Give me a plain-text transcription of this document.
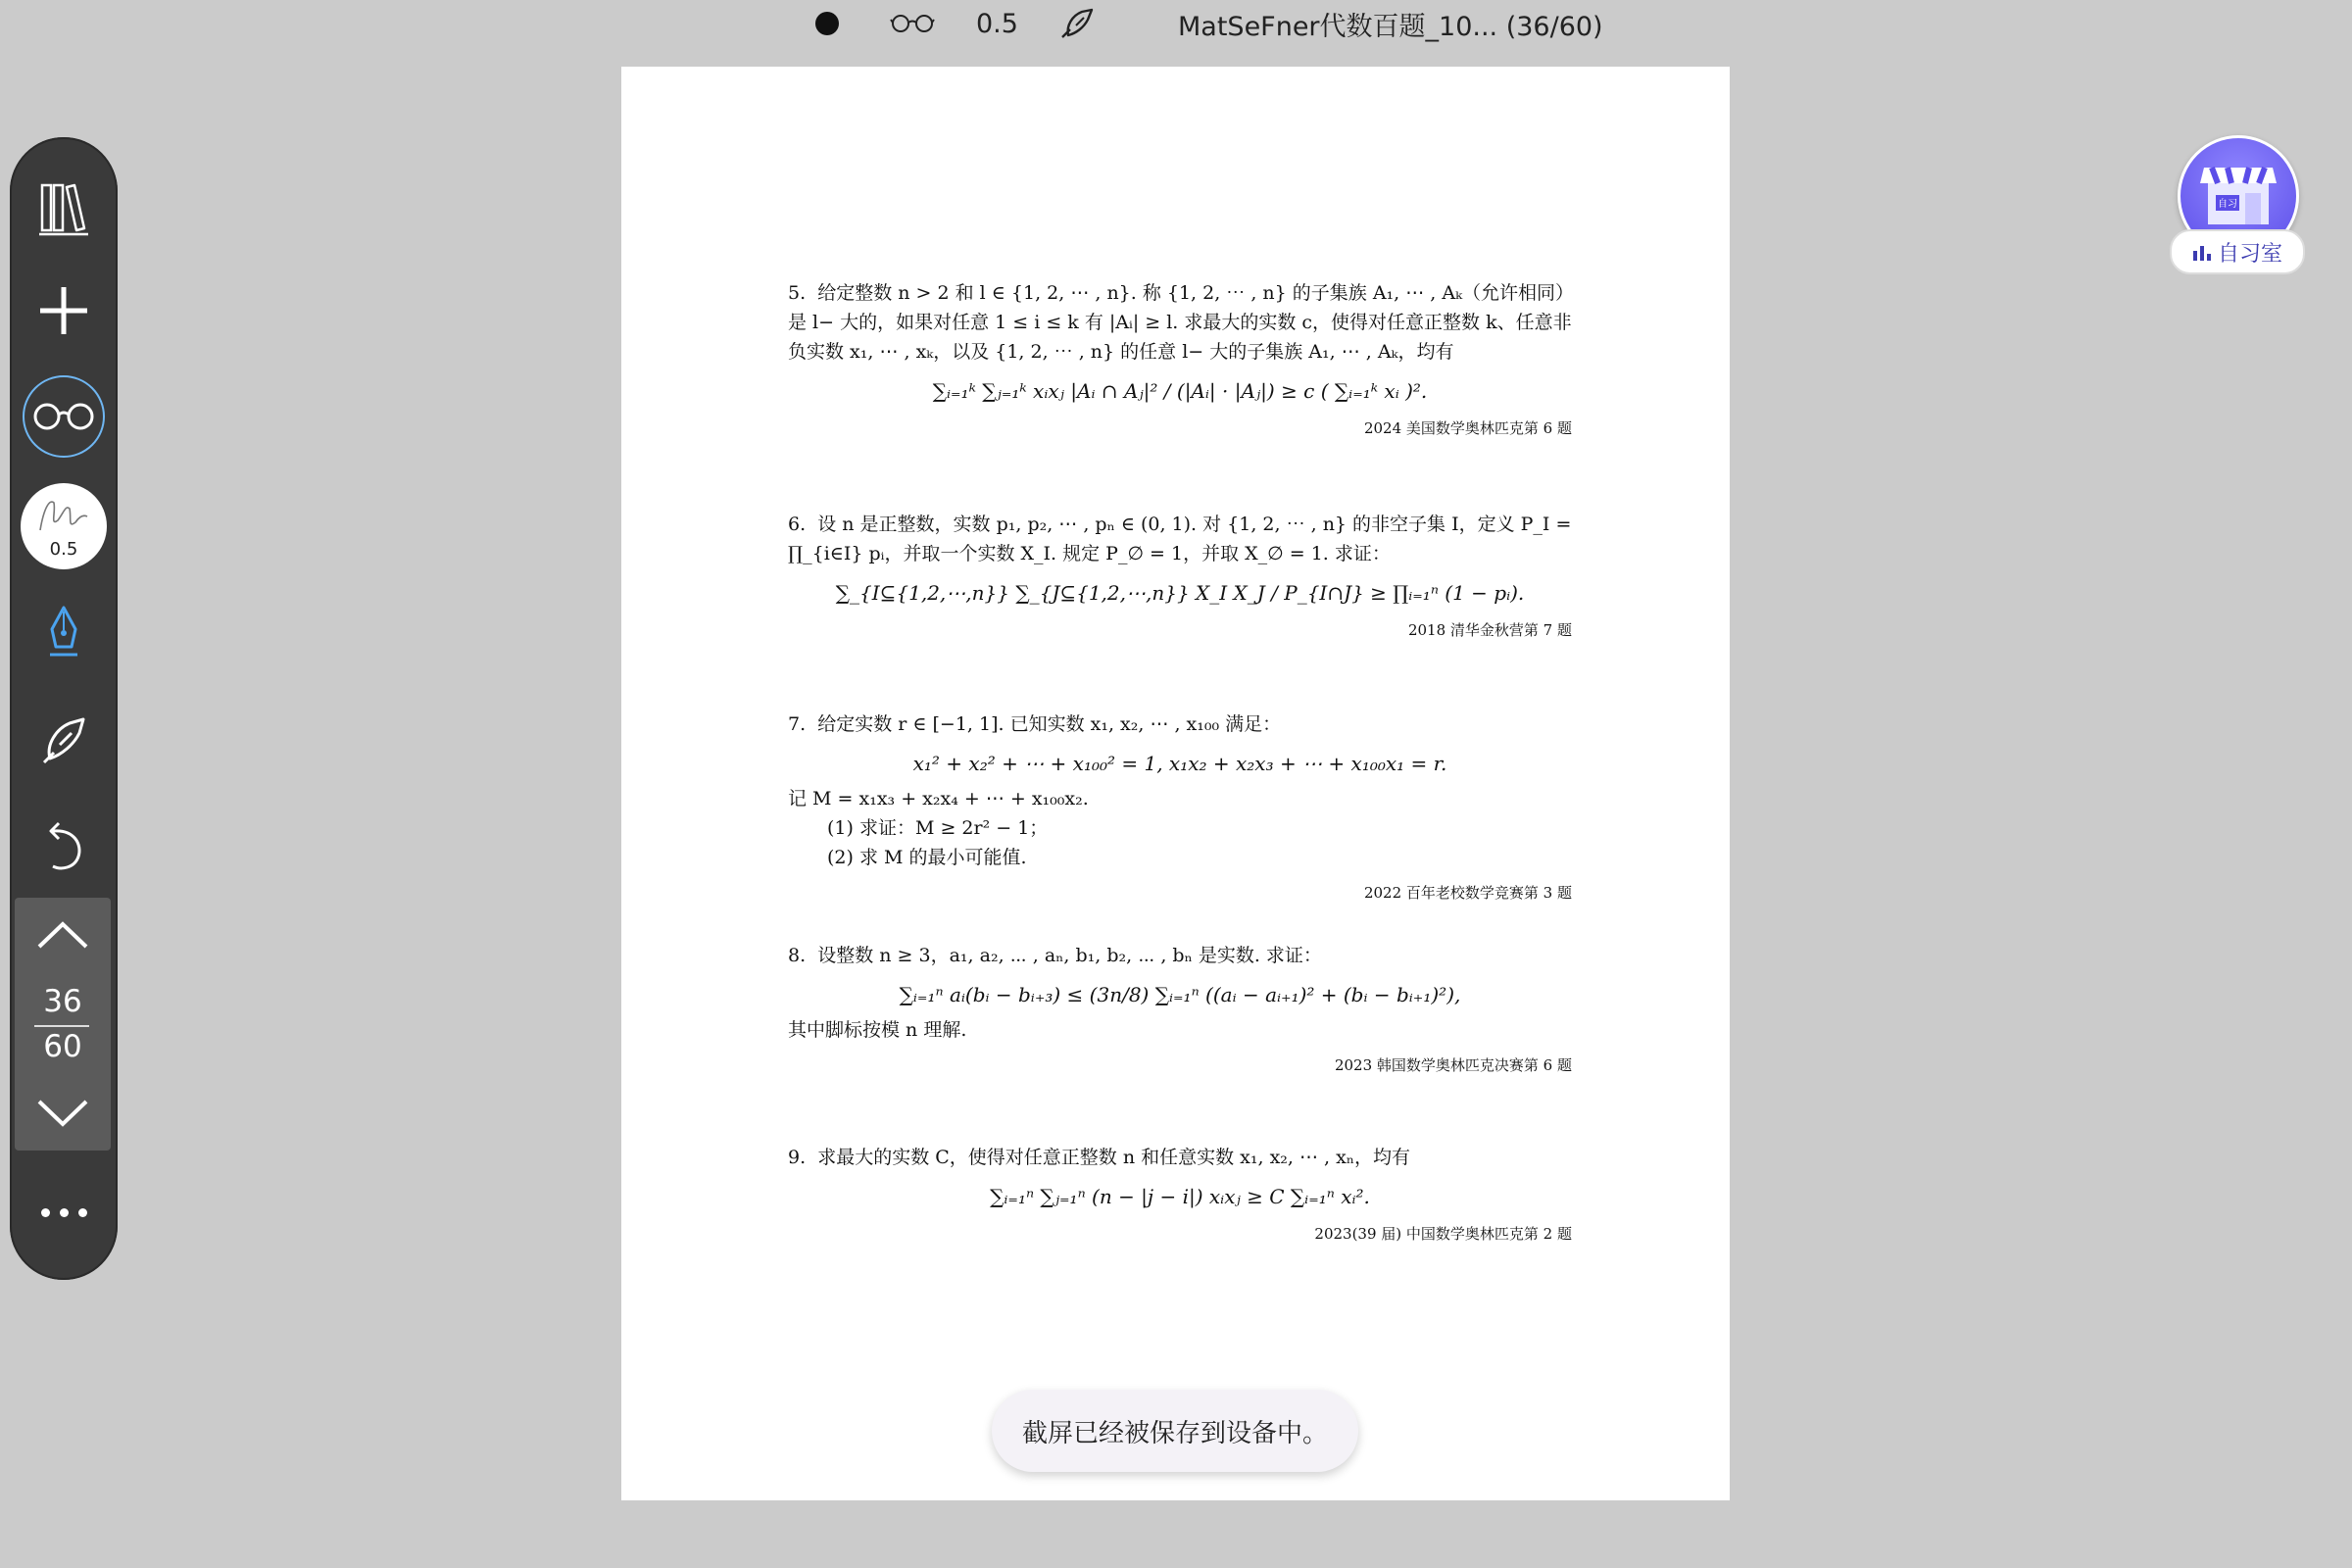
0.5	MatSeFner代数百题_10... (36/60)
0.5
36
60

5. 给定整数 n > 2 和 l ∈ {1, 2, ⋯ , n}. 称 {1, 2, ⋯ , n} 的子集族 A₁, ⋯ , Aₖ（允许相同）是 l− 大的，如果对任意 1 ≤ i ≤ k 有 |Aᵢ| ≥ l. 求最大的实数 c，使得对任意正整数 k、任意非负实数 x₁, ⋯ , xₖ，以及 {1, 2, ⋯ , n} 的任意 l− 大的子集族 A₁, ⋯ , Aₖ，均有

∑ᵢ₌₁ᵏ ∑ⱼ₌₁ᵏ xᵢxⱼ |Aᵢ ∩ Aⱼ|² / (|Aᵢ| · |Aⱼ|) ≥ c ( ∑ᵢ₌₁ᵏ xᵢ )².
2024 美国数学奥林匹克第 6 题

6. 设 n 是正整数，实数 p₁, p₂, ⋯ , pₙ ∈ (0, 1). 对 {1, 2, ⋯ , n} 的非空子集 I，定义 P_I = ∏_{i∈I} pᵢ，并取一个实数 X_I. 规定 P_∅ = 1，并取 X_∅ = 1. 求证：

∑_{I⊆{1,2,⋯,n}} ∑_{J⊆{1,2,⋯,n}} X_I X_J / P_{I∩J} ≥ ∏ᵢ₌₁ⁿ (1 − pᵢ).
2018 清华金秋营第 7 题

7. 给定实数 r ∈ [−1, 1]. 已知实数 x₁, x₂, ⋯ , x₁₀₀ 满足：

x₁² + x₂² + ⋯ + x₁₀₀² = 1, x₁x₂ + x₂x₃ + ⋯ + x₁₀₀x₁ = r.

记 M = x₁x₃ + x₂x₄ + ⋯ + x₁₀₀x₂.

(1) 求证：M ≥ 2r² − 1；

(2) 求 M 的最小可能值.

2022 百年老校数学竞赛第 3 题

8. 设整数 n ≥ 3，a₁, a₂, ⋯ , aₙ, b₁, b₂, ⋯ , bₙ 是实数. 求证：

∑ᵢ₌₁ⁿ aᵢ(bᵢ − bᵢ₊₃) ≤ (3n/8) ∑ᵢ₌₁ⁿ ((aᵢ − aᵢ₊₁)² + (bᵢ − bᵢ₊₁)²),

其中脚标按模 n 理解.

2023 韩国数学奥林匹克决赛第 6 题

9. 求最大的实数 C，使得对任意正整数 n 和任意实数 x₁, x₂, ⋯ , xₙ，均有

∑ᵢ₌₁ⁿ ∑ⱼ₌₁ⁿ (n − |j − i|) xᵢxⱼ ≥ C ∑ᵢ₌₁ⁿ xᵢ².
2023(39 届) 中国数学奥林匹克第 2 题
截屏已经被保存到设备中。
自习
自习室
